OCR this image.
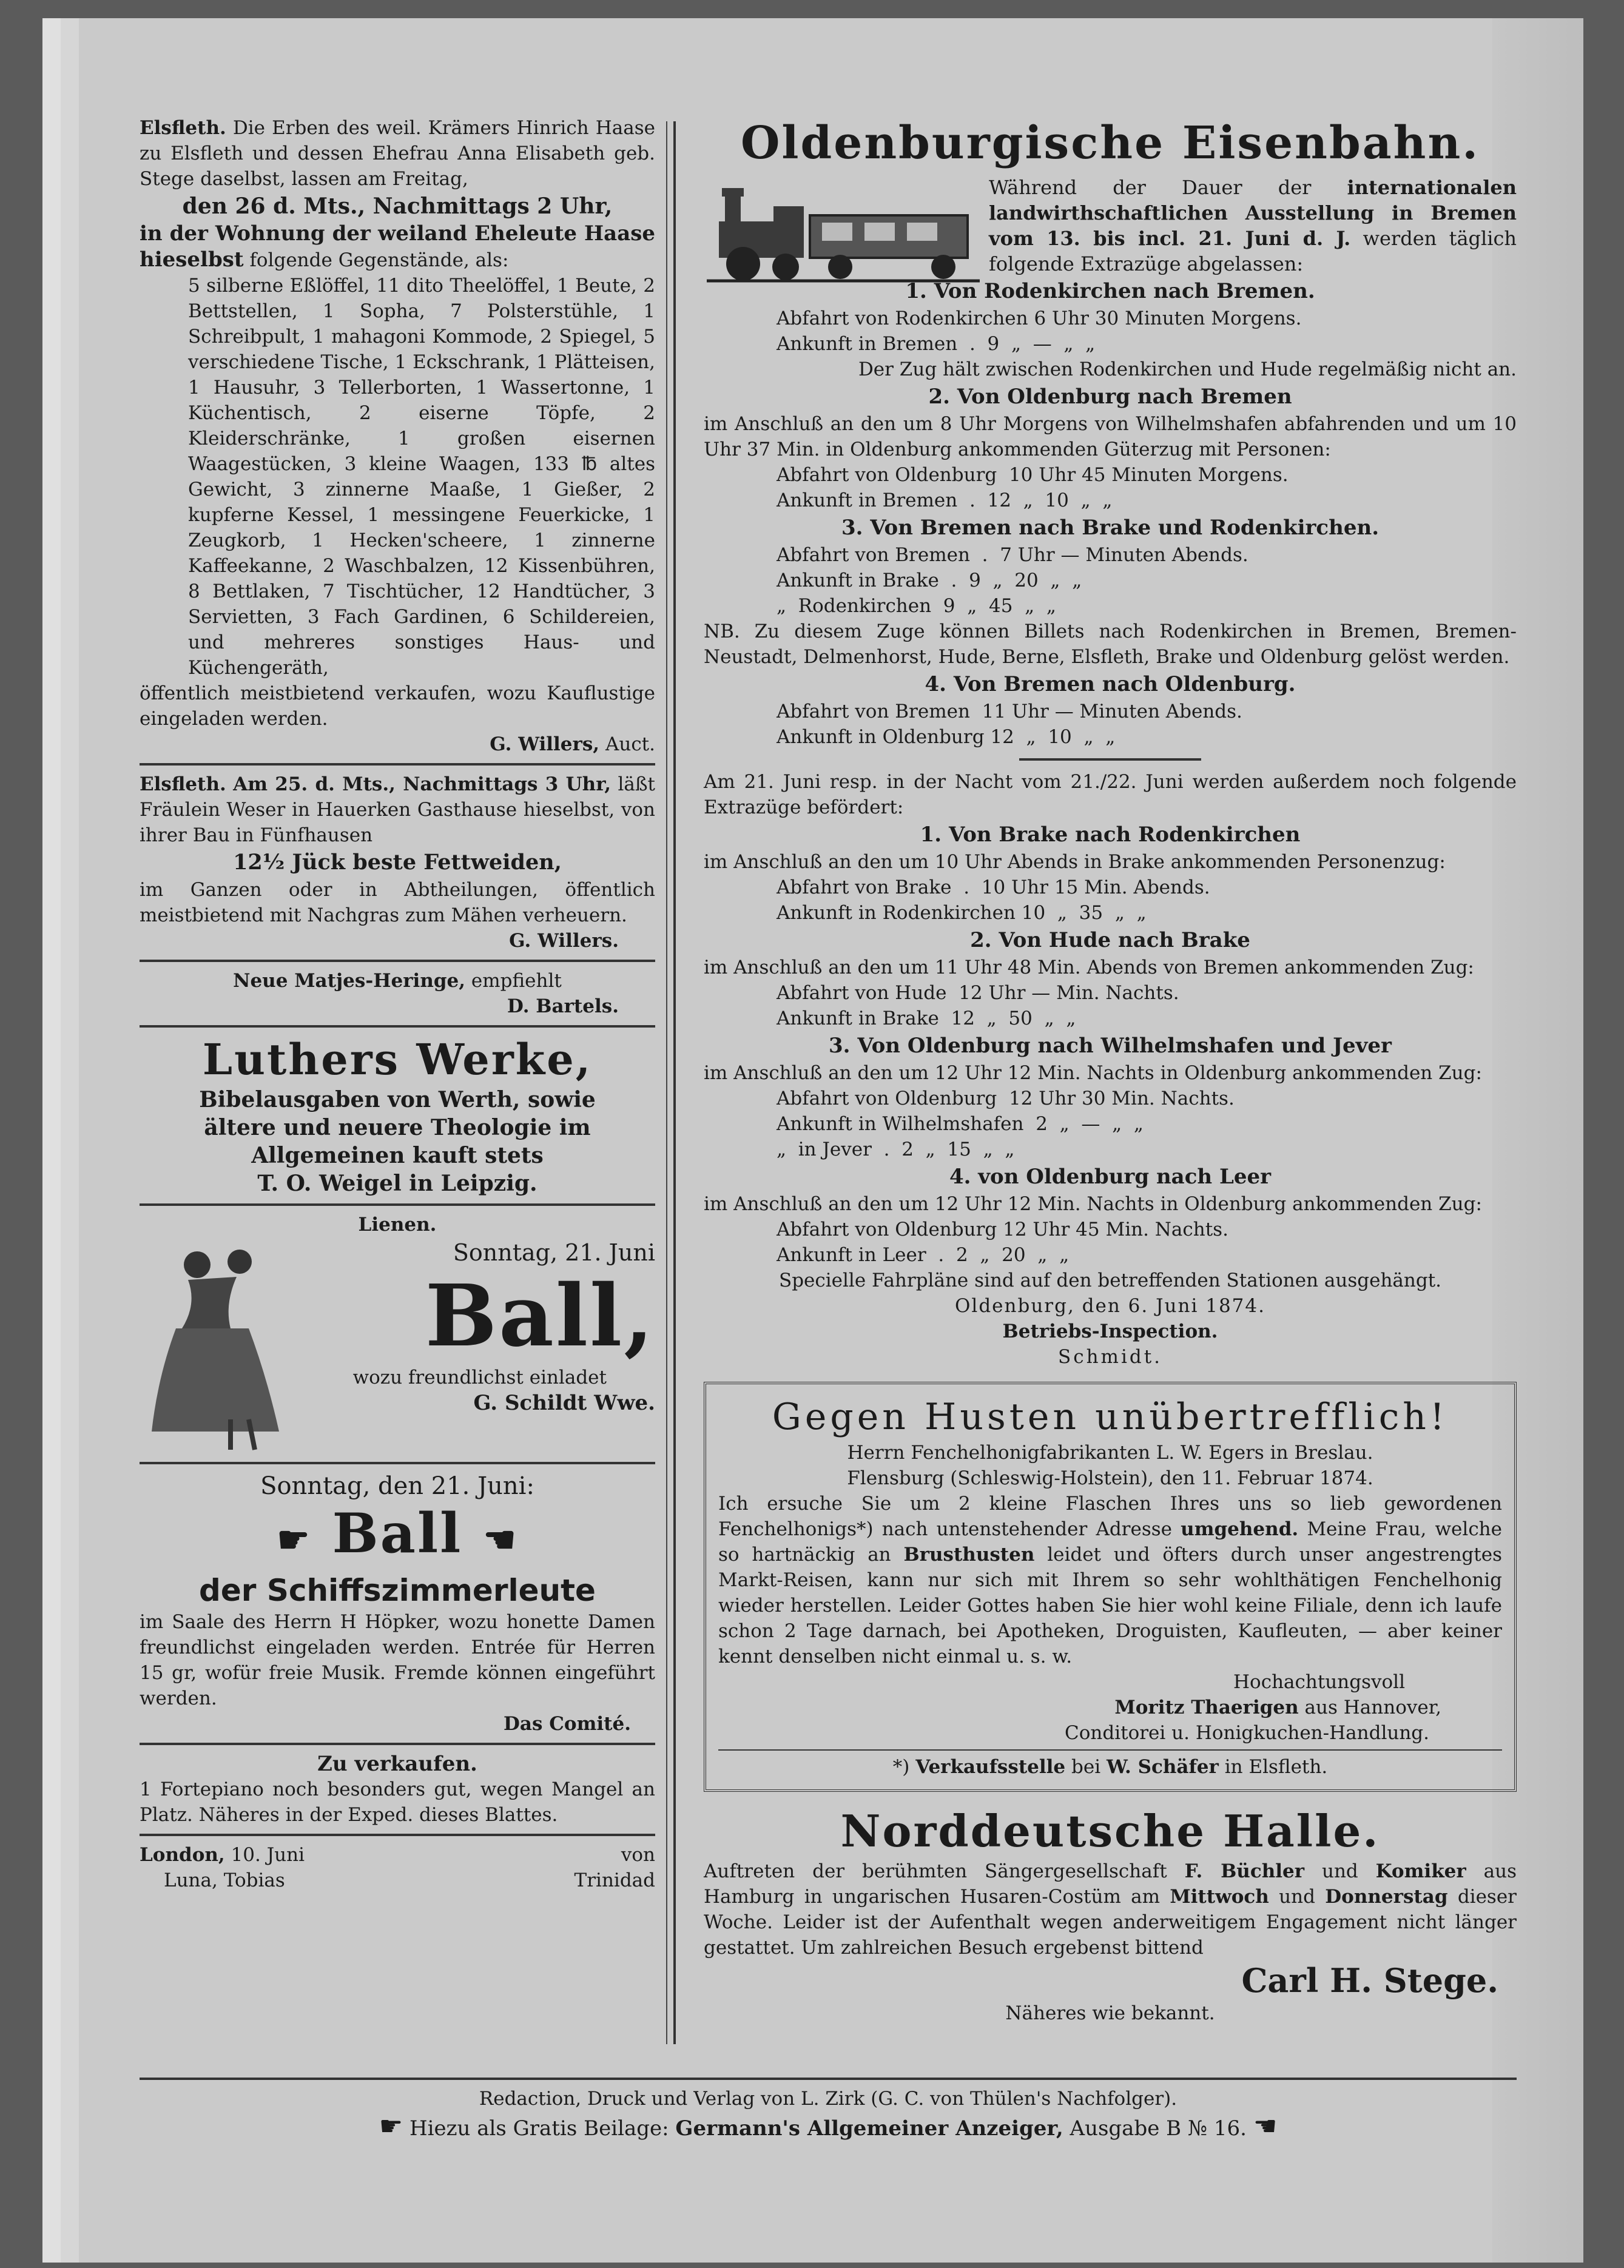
Elsfleth. Die Erben des weil. Krämers Hinrich Haase zu Elsfleth und dessen Ehefrau Anna Elisabeth geb. Stege daselbst, lassen am Freitag,

den 26 d. Mts., Nachmittags 2 Uhr,

in der Wohnung der weiland Eheleute Haase hieselbst folgende Gegenstände, als:

5 silberne Eßlöffel, 11 dito Theelöffel, 1 Beute, 2 Bettstellen, 1 Sopha, 7 Polsterstühle, 1 Schreibpult, 1 mahagoni Kommode, 2 Spiegel, 5 verschiedene Tische, 1 Eckschrank, 1 Plätteisen, 1 Hausuhr, 3 Tellerborten, 1 Wassertonne, 1 Küchentisch, 2 eiserne Töpfe, 2 Kleiderschränke, 1 großen eisernen Waagestücken, 3 kleine Waagen, 133 ℔ altes Gewicht, 3 zinnerne Maaße, 1 Gießer, 2 kupferne Kessel, 1 messingene Feuerkicke, 1 Zeugkorb, 1 Hecken'scheere, 1 zinnerne Kaffeekanne, 2 Waschbalzen, 12 Kissenbühren, 8 Bettlaken, 7 Tischtücher, 12 Handtücher, 3 Servietten, 3 Fach Gardinen, 6 Schildereien, und mehreres sonstiges Haus- und Küchengeräth,

öffentlich meistbietend verkaufen, wozu Kauflustige eingeladen werden.

G. Willers, Auct.

Elsfleth. Am 25. d. Mts., Nachmittags 3 Uhr, läßt Fräulein Weser in Hauerken Gasthause hieselbst, von ihrer Bau in Fünfhausen

12½ Jück beste Fettweiden,

im Ganzen oder in Abtheilungen, öffentlich meistbietend mit Nachgras zum Mähen verheuern.

G. Willers.

Neue Matjes-Heringe, empfiehlt

D. Bartels.

Luthers Werke,

Bibelausgaben von Werth, sowie

ältere und neuere Theologie im

Allgemeinen kauft stets

T. O. Weigel in Leipzig.

Lienen.

Sonntag, 21. Juni

Ball,

wozu freundlichst einladet

G. Schildt Wwe.

Sonntag, den 21. Juni:

☛ Ball ☚

der Schiffszimmerleute

im Saale des Herrn H Höpker, wozu honette Damen freundlichst eingeladen werden. Entrée für Herren 15 gr, wofür freie Musik. Fremde können eingeführt werden.

Das Comité.

Zu verkaufen.

1 Fortepiano noch besonders gut, wegen Mangel an Platz. Näheres in der Exped. dieses Blattes.

London, 10. Juni	von

Luna, Tobias	Trinidad

Oldenburgische Eisenbahn.

Während der Dauer der internationalen landwirthschaftlichen Ausstellung in Bremen vom 13. bis incl. 21. Juni d. J. werden täglich folgende Extrazüge abgelassen:

1. Von Rodenkirchen nach Bremen.

Abfahrt von Rodenkirchen 6 Uhr 30 Minuten Morgens.

Ankunft in Bremen  .  9  „  —  „  „

Der Zug hält zwischen Rodenkirchen und Hude regelmäßig nicht an.

2. Von Oldenburg nach Bremen

im Anschluß an den um 8 Uhr Morgens von Wilhelmshafen abfahrenden und um 10 Uhr 37 Min. in Oldenburg ankommenden Güterzug mit Personen:

Abfahrt von Oldenburg  10 Uhr 45 Minuten Morgens.

Ankunft in Bremen  .  12  „  10  „  „

3. Von Bremen nach Brake und Rodenkirchen.

Abfahrt von Bremen  .  7 Uhr — Minuten Abends.

Ankunft in Brake  .  9  „  20  „  „

„  Rodenkirchen  9  „  45  „  „

NB. Zu diesem Zuge können Billets nach Rodenkirchen in Bremen, Bremen-Neustadt, Delmenhorst, Hude, Berne, Elsfleth, Brake und Oldenburg gelöst werden.

4. Von Bremen nach Oldenburg.

Abfahrt von Bremen  11 Uhr — Minuten Abends.

Ankunft in Oldenburg 12  „  10  „  „

Am 21. Juni resp. in der Nacht vom 21./22. Juni werden außerdem noch folgende Extrazüge befördert:

1. Von Brake nach Rodenkirchen

im Anschluß an den um 10 Uhr Abends in Brake ankommenden Personenzug:

Abfahrt von Brake  .  10 Uhr 15 Min. Abends.

Ankunft in Rodenkirchen 10  „  35  „  „

2. Von Hude nach Brake

im Anschluß an den um 11 Uhr 48 Min. Abends von Bremen ankommenden Zug:

Abfahrt von Hude  12 Uhr — Min. Nachts.

Ankunft in Brake  12  „  50  „  „

3. Von Oldenburg nach Wilhelmshafen und Jever

im Anschluß an den um 12 Uhr 12 Min. Nachts in Oldenburg ankommenden Zug:

Abfahrt von Oldenburg  12 Uhr 30 Min. Nachts.

Ankunft in Wilhelmshafen  2  „  —  „  „

„  in Jever  .  2  „  15  „  „

4. von Oldenburg nach Leer

im Anschluß an den um 12 Uhr 12 Min. Nachts in Oldenburg ankommenden Zug:

Abfahrt von Oldenburg 12 Uhr 45 Min. Nachts.

Ankunft in Leer  .  2  „  20  „  „

Specielle Fahrpläne sind auf den betreffenden Stationen ausgehängt.

Oldenburg, den 6. Juni 1874.

Betriebs-Inspection.

Schmidt.

Gegen Husten unübertrefflich!

Herrn Fenchelhonigfabrikanten L. W. Egers in Breslau.

Flensburg (Schleswig-Holstein), den 11. Februar 1874.

Ich ersuche Sie um 2 kleine Flaschen Ihres uns so lieb gewordenen Fenchelhonigs*) nach untenstehender Adresse umgehend. Meine Frau, welche so hartnäckig an Brusthusten leidet und öfters durch unser angestrengtes Markt-Reisen, kann nur sich mit Ihrem so sehr wohlthätigen Fenchelhonig wieder herstellen. Leider Gottes haben Sie hier wohl keine Filiale, denn ich laufe schon 2 Tage darnach, bei Apotheken, Droguisten, Kaufleuten, — aber keiner kennt denselben nicht einmal u. s. w.

Hochachtungsvoll

Moritz Thaerigen aus Hannover,

Conditorei u. Honigkuchen-Handlung.

*) Verkaufsstelle bei W. Schäfer in Elsfleth.

Norddeutsche Halle.

Auftreten der berühmten Sängergesellschaft F. Büchler und Komiker aus Hamburg in ungarischen Husaren-Costüm am Mittwoch und Donnerstag dieser Woche. Leider ist der Aufenthalt wegen anderweitigem Engagement nicht länger gestattet. Um zahlreichen Besuch ergebenst bittend

Carl H. Stege.

Näheres wie bekannt.

Redaction, Druck und Verlag von L. Zirk (G. C. von Thülen's Nachfolger).

☛ Hiezu als Gratis Beilage: Germann's Allgemeiner Anzeiger, Ausgabe B № 16. ☚
